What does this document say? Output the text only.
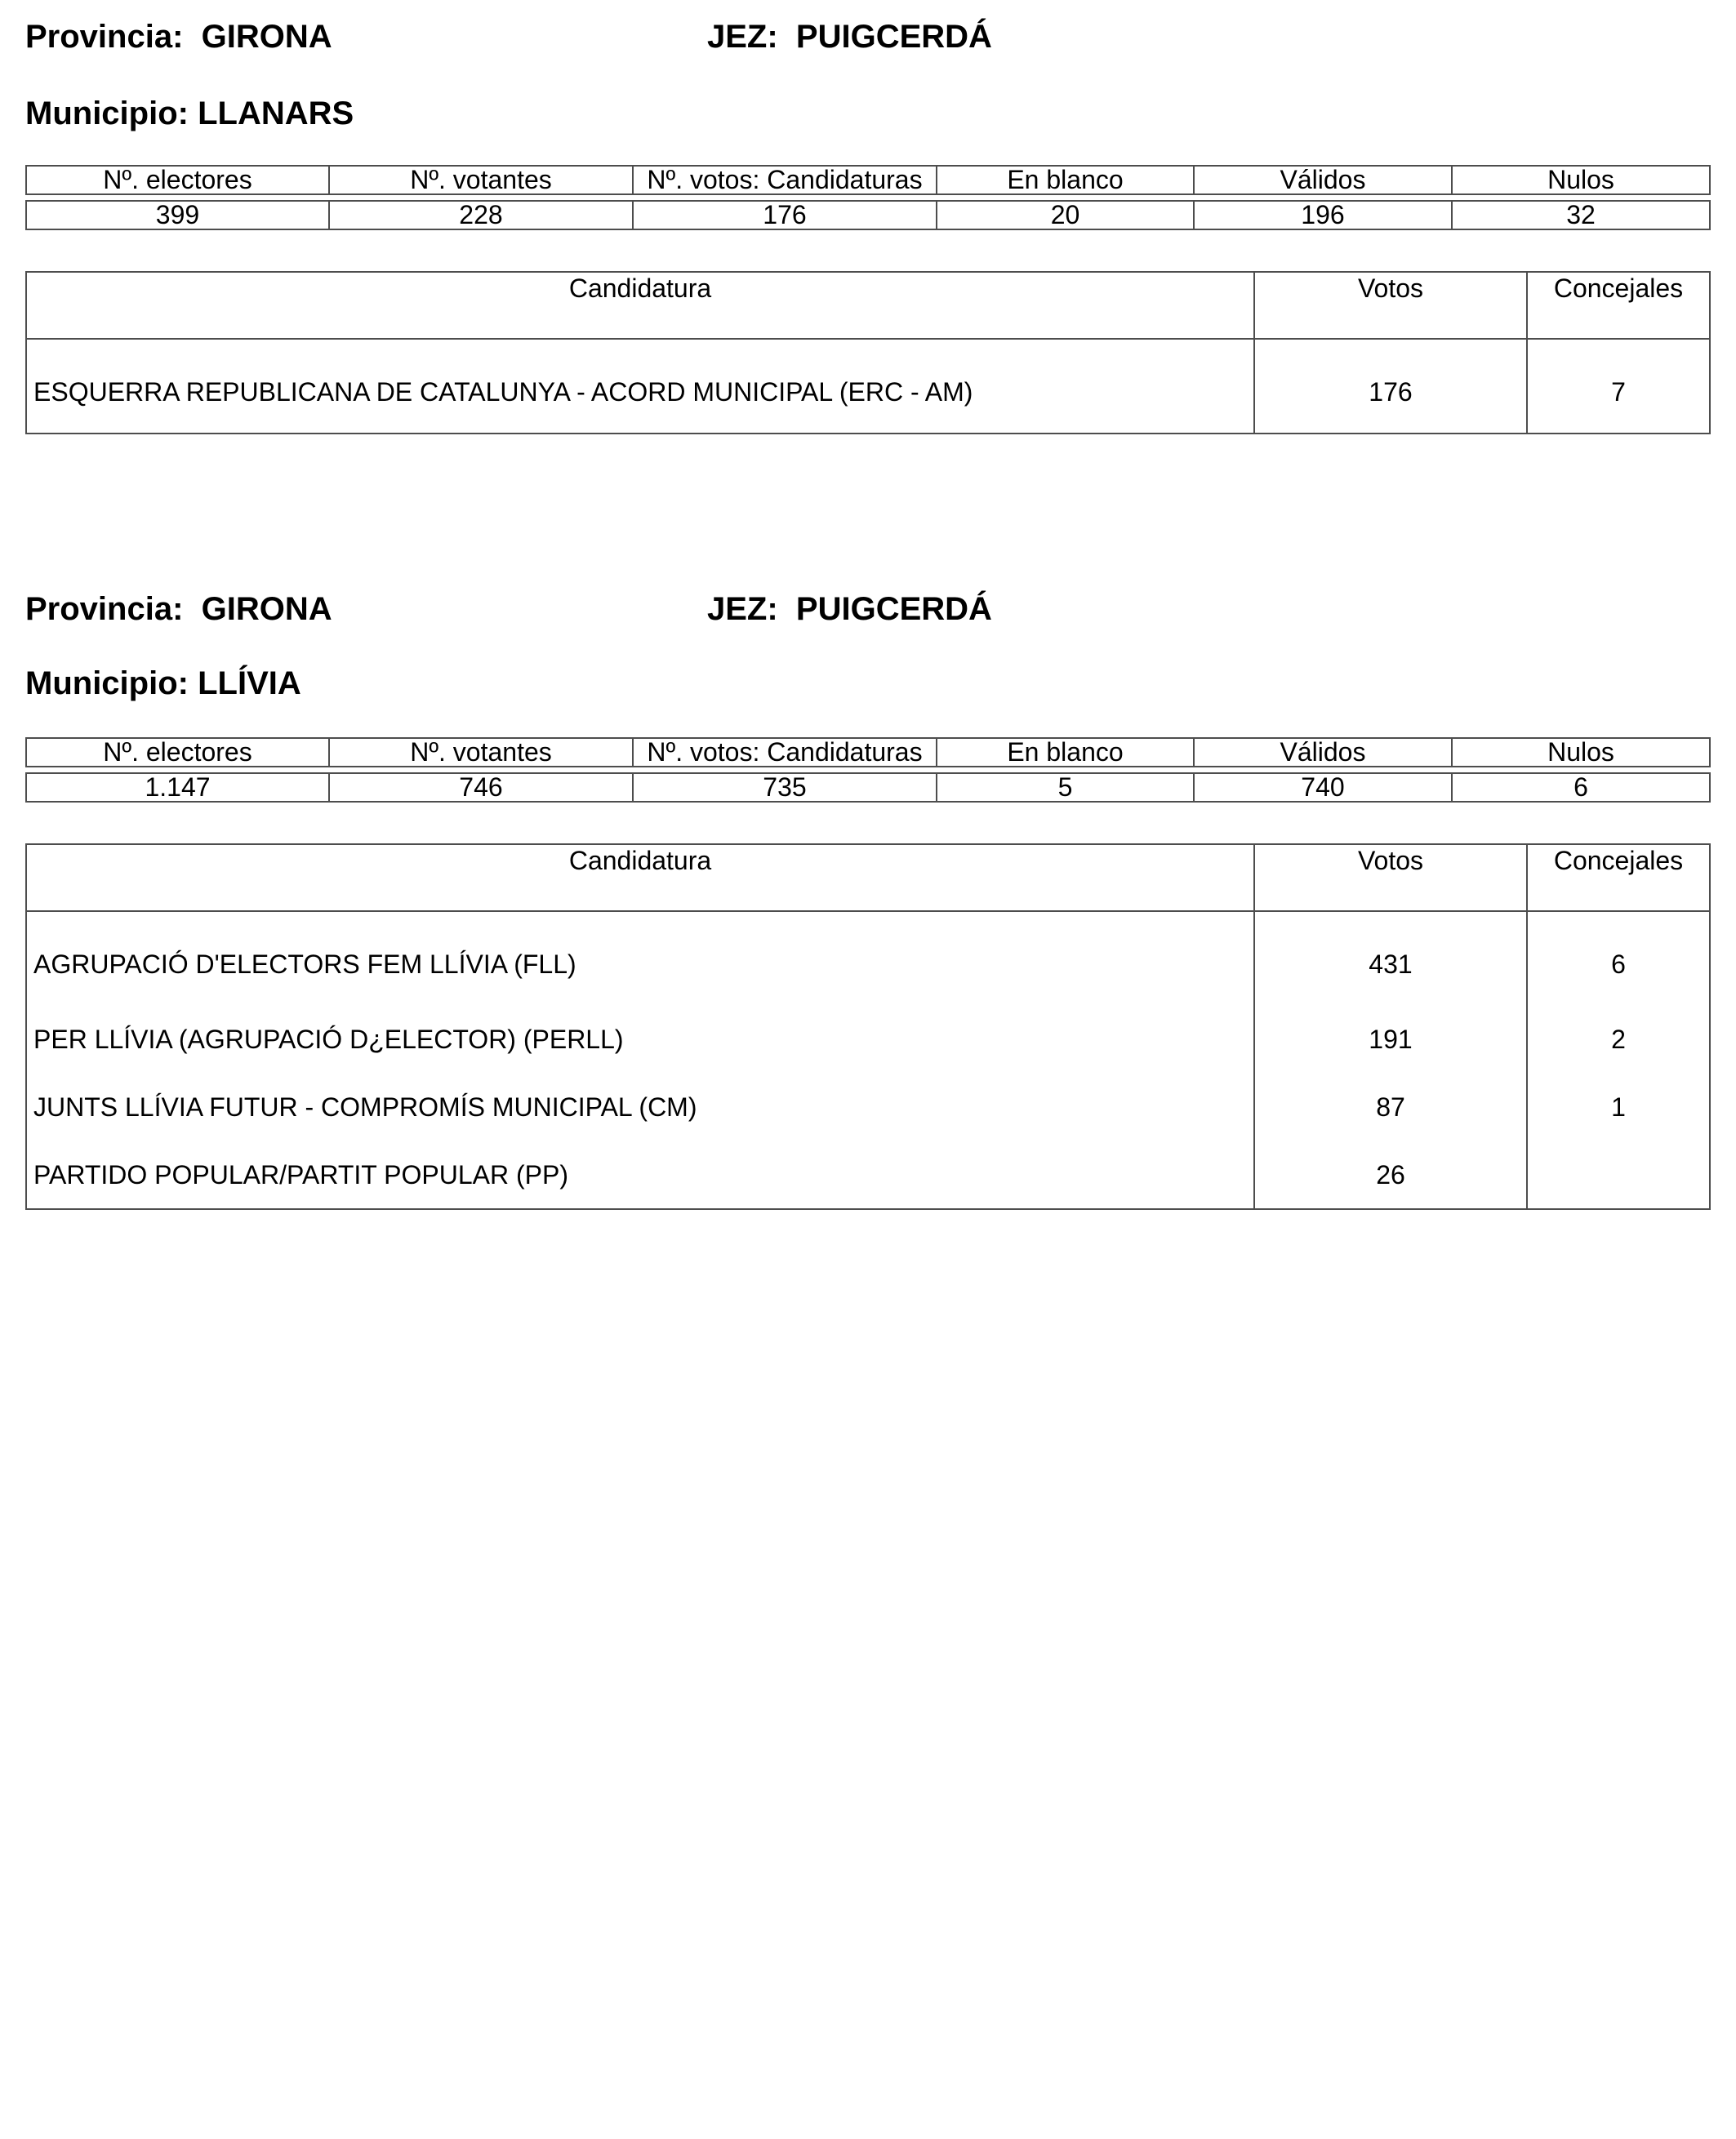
Provincia: GIRONA	JEZ: PUIGCERDÁ
Municipio: LLANARS
Nº. electores	Nº. votantes	Nº. votos: Candidaturas	En blanco	Válidos	Nulos
399	228	176	20	196	32
Candidatura	Votos	Concejales
ESQUERRA REPUBLICANA DE CATALUNYA - ACORD MUNICIPAL (ERC - AM)	176	7
Provincia: GIRONA	JEZ: PUIGCERDÁ
Municipio: LLÍVIA
Nº. electores	Nº. votantes	Nº. votos: Candidaturas	En blanco	Válidos	Nulos
1.147	746	735	5	740	6
Candidatura	Votos	Concejales
AGRUPACIÓ D'ELECTORS FEM LLÍVIA (FLL)	431	6
PER LLÍVIA (AGRUPACIÓ D¿ELECTOR) (PERLL)	191	2
JUNTS LLÍVIA FUTUR - COMPROMÍS MUNICIPAL (CM)	87	1
PARTIDO POPULAR/PARTIT POPULAR (PP)	26	
